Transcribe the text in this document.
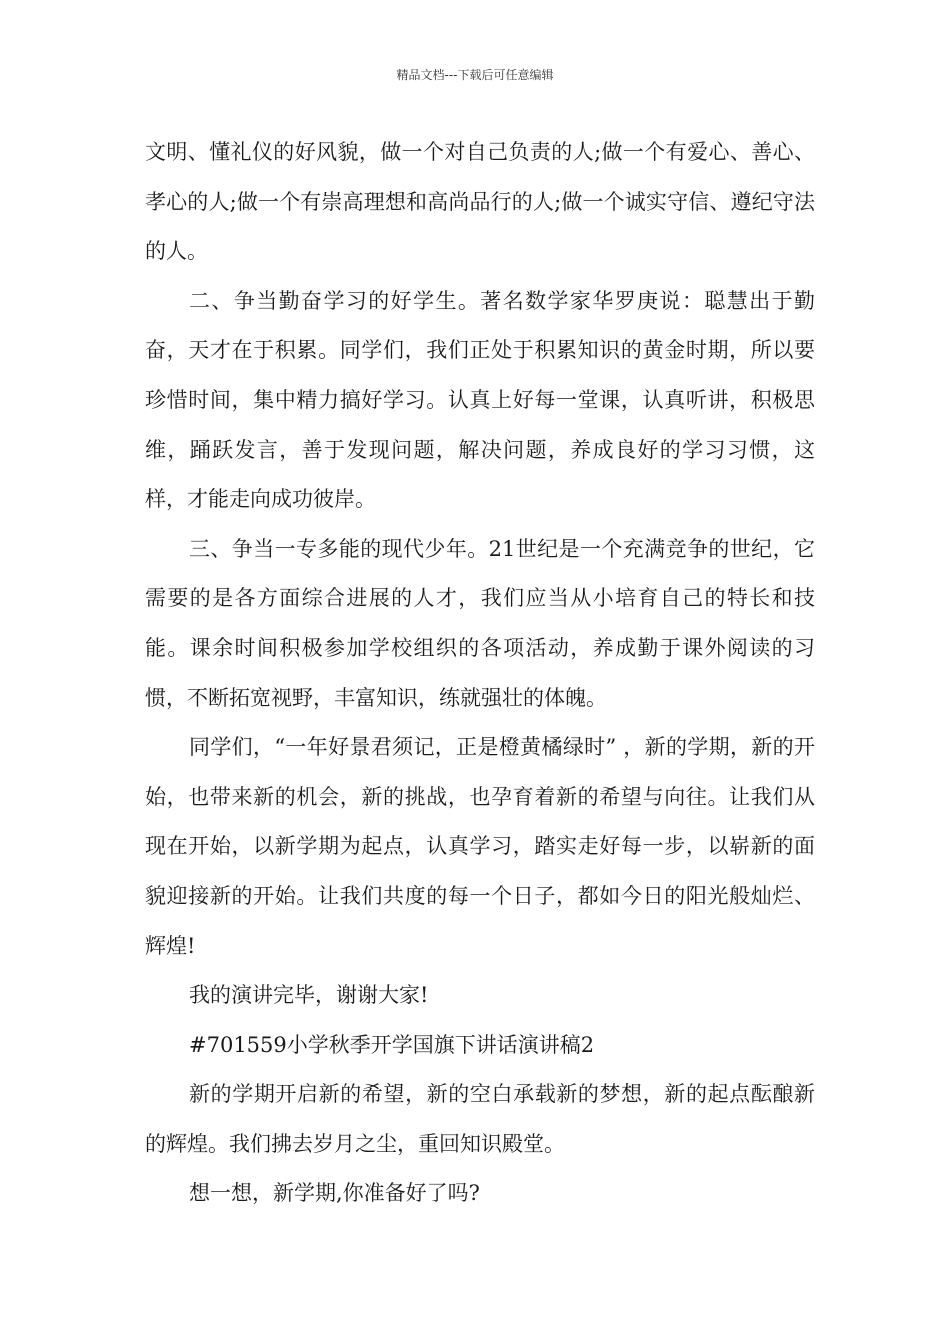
精品文档---下载后可任意编辑

文明、懂礼仪的好风貌，做一个对自己负责的人;做一个有爱心、善心、孝心的人;做一个有崇高理想和高尚品行的人;做一个诚实守信、遵纪守法的人。

二、争当勤奋学习的好学生。著名数学家华罗庚说：聪慧出于勤奋，天才在于积累。同学们，我们正处于积累知识的黄金时期，所以要珍惜时间，集中精力搞好学习。认真上好每一堂课，认真听讲，积极思维，踊跃发言，善于发现问题，解决问题，养成良好的学习习惯，这样，才能走向成功彼岸。

三、争当一专多能的现代少年。21世纪是一个充满竞争的世纪，它需要的是各方面综合进展的人才，我们应当从小培育自己的特长和技能。课余时间积极参加学校组织的各项活动，养成勤于课外阅读的习惯，不断拓宽视野，丰富知识，练就强壮的体魄。

同学们，“一年好景君须记，正是橙黄橘绿时” ，新的学期，新的开始，也带来新的机会，新的挑战，也孕育着新的希望与向往。让我们从现在开始，以新学期为起点，认真学习，踏实走好每一步，以崭新的面貌迎接新的开始。让我们共度的每一个日子，都如今日的阳光般灿烂、辉煌!

我的演讲完毕，谢谢大家!

#701559小学秋季开学国旗下讲话演讲稿2

新的学期开启新的希望，新的空白承载新的梦想，新的起点酝酿新的辉煌。我们拂去岁月之尘，重回知识殿堂。

想一想，新学期,你准备好了吗?
